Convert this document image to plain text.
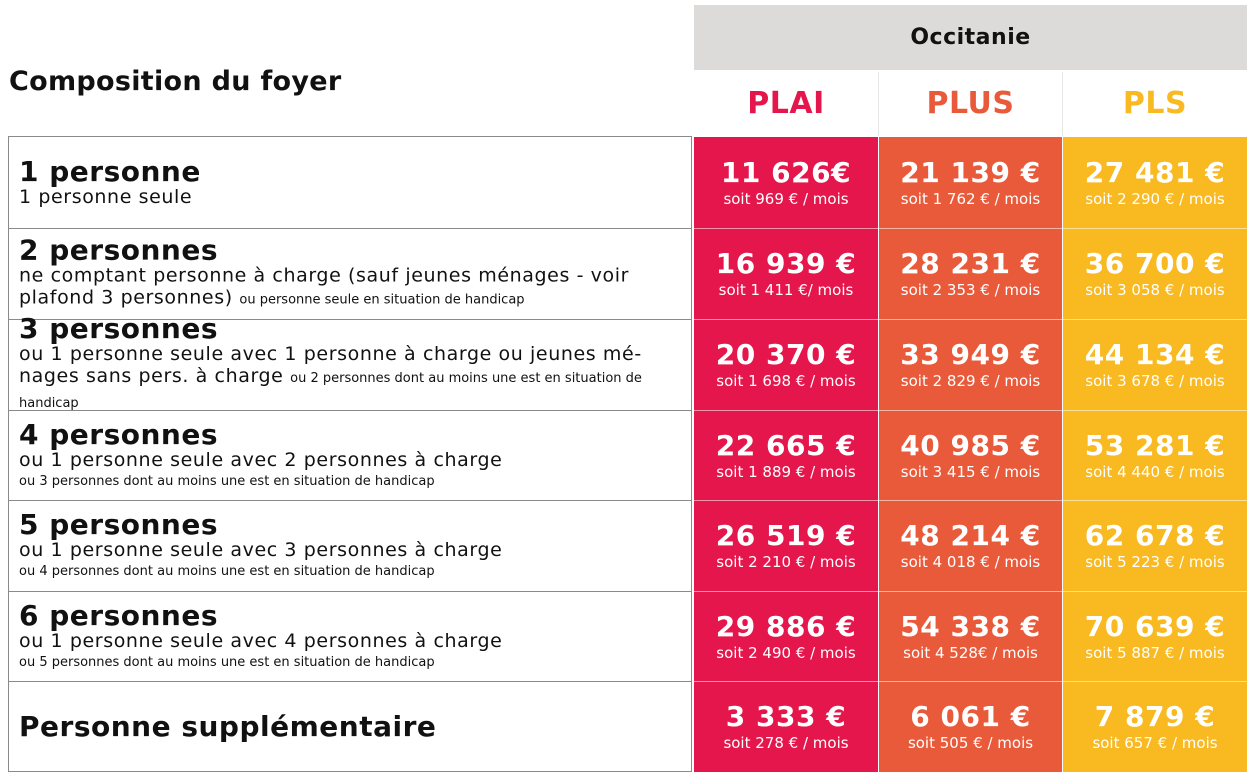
Composition du foyer
Occitanie
PLAI	PLUS	PLS
1 personne
1 personne seule
2 personnes
ne comptant personne à charge (sauf jeunes ménages - voir plafond 3 personnes) ou personne seule en situation de handicap
3 personnes
ou 1 personne seule avec 1 personne à charge ou jeunes mé-nages sans pers. à charge ou 2 personnes dont au moins une est en situation de handicap
4 personnes
ou 1 personne seule avec 2 personnes à charge
ou 3 personnes dont au moins une est en situation de handicap
5 personnes
ou 1 personne seule avec 3 personnes à charge
ou 4 personnes dont au moins une est en situation de handicap
6 personnes
ou 1 personne seule avec 4 personnes à charge
ou 5 personnes dont au moins une est en situation de handicap
Personne supplémentaire
11 626€
soit 969 € / mois
21 139 €
soit 1 762 € / mois
27 481 €
soit 2 290 € / mois
16 939 €
soit 1 411 €/ mois
28 231 €
soit 2 353 € / mois
36 700 €
soit 3 058 € / mois
20 370 €
soit 1 698 € / mois
33 949 €
soit 2 829 € / mois
44 134 €
soit 3 678 € / mois
22 665 €
soit 1 889 € / mois
40 985 €
soit 3 415 € / mois
53 281 €
soit 4 440 € / mois
26 519 €
soit 2 210 € / mois
48 214 €
soit 4 018 € / mois
62 678 €
soit 5 223 € / mois
29 886 €
soit 2 490 € / mois
54 338 €
soit 4 528€ / mois
70 639 €
soit 5 887 € / mois
3 333 €
soit 278 € / mois
6 061 €
soit 505 € / mois
7 879 €
soit 657 € / mois
